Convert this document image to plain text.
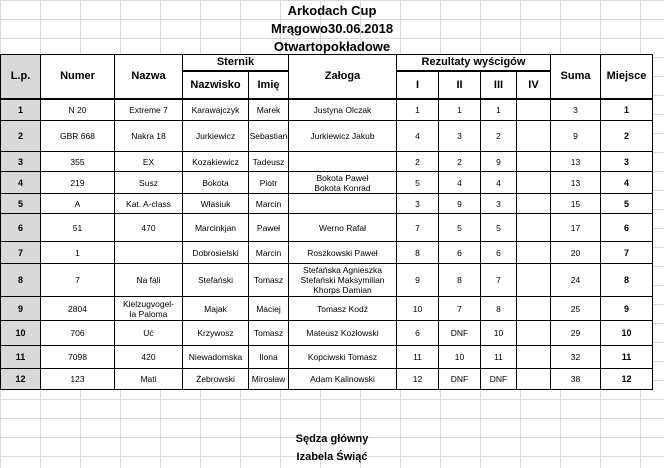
Arkodach Cup
Mrągowo30.06.2018
Otwartopokładowe
L.p.	Numer	Nazwa	Sternik		Załoga	Rezultaty wyścigów				Suma	Miejsce
			Nazwisko	Imię		I	II	III	IV		
1	N 20	Extreme 7	Karawajczyk	Marek	Justyna Olczak	1	1	1		3	1
2	GBR 668	Nakra 18	Jurkiewicz	Sebastian	Jurkiewicz Jakub	4	3	2		9	2
3	355	EX	Kozakiewicz	Tadeusz		2	2	9		13	3
4	219	Susz	Bokota	Piotr	Bokota Paweł
Bokota Konrad	5	4	4		13	4
5	A	Kat. A-class	Własiuk	Marcin		3	9	3		15	5
6	51	470	Marcinkjan	Paweł	Werno Rafał	7	5	5		17	6
7	1		Dobrosielski	Marcin	Roszkowski Paweł	8	6	6		20	7
8	7	Na fali	Stefański	Tomasz	Stefańska Agnieszka
Stefański Maksymilian
Khorps Damian	9	8	7		24	8
9	2804	Kielzugvogel-
la Paloma	Majak	Maciej	Tomasz Kodź	10	7	8		25	9
10	706	Uć	Krzywosz	Tomasz	Mateusz Kozłowski	6	DNF	10		29	10
11	7098	420	Niewadomska	Ilona	Kopciwski Tomasz	11	10	11		32	11
12	123	Mati	Żebrowski	Mirosław	Adam Kalinowski	12	DNF	DNF		38	12
Sędza główny
Izabela Świąć
